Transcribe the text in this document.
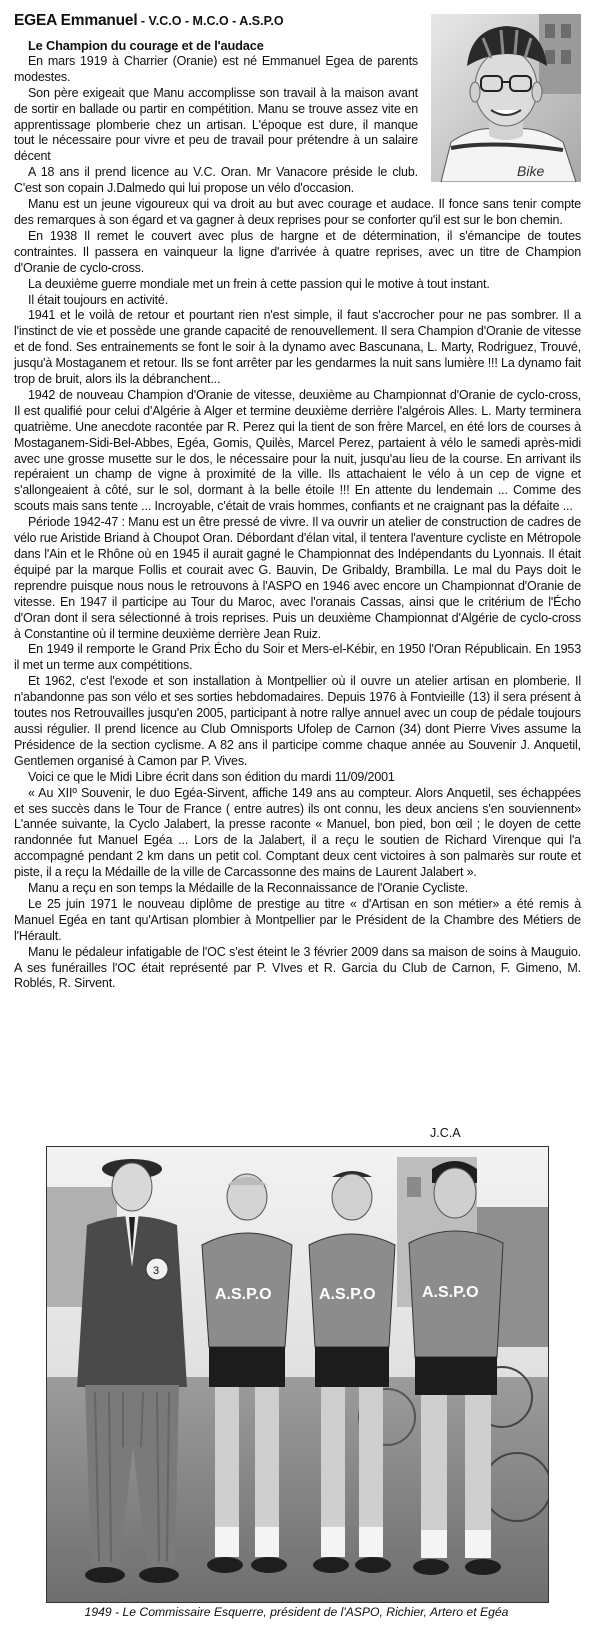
EGEA Emmanuel - V.C.O - M.C.O - A.S.P.O
Bike
Le Champion du courage et de l'audace

En mars 1919 à Charrier (Oranie) est né Emmanuel Egea de parents modestes.

Son père exigeait que Manu accomplisse son travail à la maison avant de sortir en ballade ou partir en compétition. Manu se trouve assez vite en apprentissage plomberie chez un artisan. L'époque est dure, il manque tout le nécessaire pour vivre et peu de travail pour prétendre à un salaire décent

A 18 ans il prend licence au V.C. Oran. Mr Vanacore préside le club. C'est son copain J.Dalmedo qui lui propose un vélo d'occasion.

Manu est un jeune vigoureux qui va droit au but avec courage et audace. Il fonce sans tenir compte des remarques à son égard et va gagner à deux reprises pour se conforter qu'il est sur le bon chemin.

En 1938 Il remet le couvert avec plus de hargne et de détermination, il s'émancipe de toutes contraintes. Il passera en vainqueur la ligne d'arrivée à quatre reprises, avec un titre de Champion d'Oranie de cyclo-cross.

La deuxième guerre mondiale met un frein à cette passion qui le motive à tout instant.

Il était toujours en activité.

1941 et le voilà de retour et pourtant rien n'est simple, il faut s'accrocher pour ne pas sombrer. Il a l'instinct de vie et possède une grande capacité de renouvellement. Il sera Champion d'Oranie de vitesse et de fond. Ses entrainements se font le soir à la dynamo avec Bascunana, L. Marty, Rodriguez, Trouvé, jusqu'à Mostaganem et retour. Ils se font arrêter par les gendarmes la nuit sans lumière !!! La dynamo fait trop de bruit, alors ils la débranchent...

1942 de nouveau Champion d'Oranie de vitesse, deuxième au Championnat d'Oranie de cyclo-cross, Il est qualifié pour celui d'Algérie à Alger et termine deuxième derrière l'algérois Alles. L. Marty terminera quatrième. Une anecdote racontée par R. Perez qui la tient de son frère Marcel, en été lors de courses à Mostaganem-Sidi-Bel-Abbes, Egéa, Gomis, Quilès, Marcel Perez, partaient à vélo le samedi après-midi avec une grosse musette sur le dos, le nécessaire pour la nuit, jusqu'au lieu de la course. En arrivant ils repéraient un champ de vigne à proximité de la ville. Ils attachaient le vélo à un cep de vigne et s'allongeaient à côté, sur le sol, dormant à la belle étoile !!! En attente du lendemain ... Comme des scouts mais sans tente ... Incroyable, c'était de vrais hommes, confiants et ne craignant pas la défaite ...

Période 1942-47 : Manu est un être pressé de vivre. Il va ouvrir un atelier de construction de cadres de vélo rue Aristide Briand à Choupot Oran. Débordant d'élan vital, il tentera l'aventure cycliste en Métropole dans l'Ain et le Rhône où en 1945 il aurait gagné le Championnat des Indépendants du Lyonnais. Il était équipé par la marque Follis et courait avec G. Bauvin, De Gribaldy, Brambilla. Le mal du Pays doit le reprendre puisque nous nous le retrouvons à l'ASPO en 1946 avec encore un Championnat d'Oranie de vitesse. En 1947 il participe au Tour du Maroc, avec l'oranais Cassas, ainsi que le critérium de l'Écho d'Oran dont il sera sélectionné à trois reprises. Puis un deuxième Championnat d'Algérie de cyclo-cross à Constantine où il termine deuxième derrière Jean Ruiz.

En 1949 il remporte le Grand Prix Écho du Soir et Mers-el-Kébir, en 1950 l'Oran Républicain. En 1953 il met un terme aux compétitions.

Et 1962, c'est l'exode et son installation à Montpellier où il ouvre un atelier artisan en plomberie. Il n'abandonne pas son vélo et ses sorties hebdomadaires. Depuis 1976 à Fontvieille (13) il sera présent à toutes nos Retrouvailles jusqu'en 2005, participant à notre rallye annuel avec un coup de pédale toujours aussi régulier. Il prend licence au Club Omnisports Ufolep de Carnon (34) dont Pierre Vives assume la Présidence de la section cyclisme. A 82 ans il participe comme chaque année au Souvenir J. Anquetil, Gentlemen organisé à Camon par P. Vives.

Voici ce que le Midi Libre écrit dans son édition du mardi 11/09/2001

« Au XIIº Souvenir, le duo Egéa-Sirvent, affiche 149 ans au compteur. Alors Anquetil, ses échappées et ses succès dans le Tour de France ( entre autres) ils ont connu, les deux anciens s'en souviennent» L'année suivante, la Cyclo Jalabert, la presse raconte « Manuel, bon pied, bon œil ; le doyen de cette randonnée fut Manuel Egéa ... Lors de la Jalabert, il a reçu le soutien de Richard Virenque qui l'a accompagné pendant 2 km dans un petit col. Comptant deux cent victoires à son palmarès sur route et piste, il a reçu la Médaille de la ville de Carcassonne des mains de Laurent Jalabert ».

Manu a reçu en son temps la Médaille de la Reconnaissance de l'Oranie Cycliste.

Le 25 juin 1971 le nouveau diplôme de prestige au titre « d'Artisan en son métier» a été remis à Manuel Egéa en tant qu'Artisan plombier à Montpellier par le Président de la Chambre des Métiers de l'Hérault.

Manu le pédaleur infatigable de l'OC s'est éteint le 3 février 2009 dans sa maison de soins à Mauguio. A ses funérailles l'OC était représenté par P. VIves et R. Garcia du Club de Carnon, F. Gimeno, M. Roblés, R. Sirvent.

J.C.A
3
A.S.P.O	A.S.P.O	A.S.P.O
1949 - Le Commissaire Esquerre, président de l'ASPO, Richier, Artero et Egéa
